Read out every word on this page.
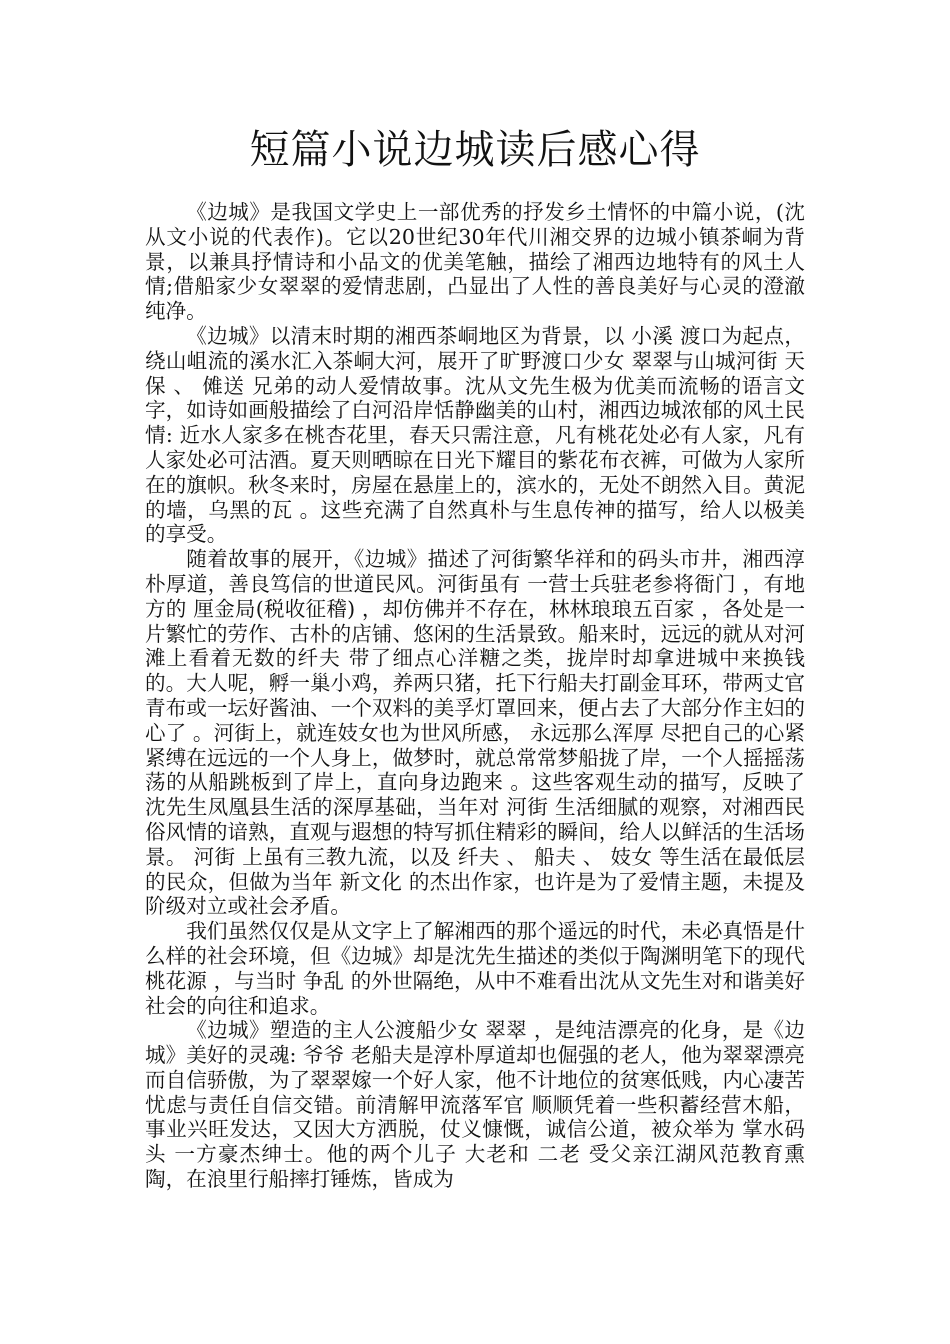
短篇小说边城读后感心得

《边城》是我国文学史上一部优秀的抒发乡土情怀的中篇小说，(沈从文小说的代表作)。它以20世纪30年代川湘交界的边城小镇茶峒为背景，以兼具抒情诗和小品文的优美笔触，描绘了湘西边地特有的风土人情;借船家少女翠翠的爱情悲剧，凸显出了人性的善良美好与心灵的澄澈纯净。

《边城》以清末时期的湘西茶峒地区为背景，以 小溪 渡口为起点，绕山岨流的溪水汇入茶峒大河，展开了旷野渡口少女 翠翠与山城河街 天保 、 傩送 兄弟的动人爱情故事。沈从文先生极为优美而流畅的语言文字，如诗如画般描绘了白河沿岸恬静幽美的山村，湘西边城浓郁的风土民情: 近水人家多在桃杏花里，春天只需注意，凡有桃花处必有人家，凡有人家处必可沽酒。夏天则晒晾在日光下耀目的紫花布衣裤，可做为人家所在的旗帜。秋冬来时，房屋在悬崖上的，滨水的，无处不朗然入目。黄泥的墙，乌黑的瓦 。这些充满了自然真朴与生息传神的描写，给人以极美的享受。

随着故事的展开，《边城》描述了河街繁华祥和的码头市井，湘西淳朴厚道，善良笃信的世道民风。河街虽有 一营士兵驻老参将衙门 ，有地方的 厘金局(税收征稽) ，却仿佛并不存在，林林琅琅五百家 ，各处是一片繁忙的劳作、古朴的店铺、悠闲的生活景致。船来时，远远的就从对河滩上看着无数的纤夫 带了细点心洋糖之类，拢岸时却拿进城中来换钱的。大人呢，孵一巢小鸡，养两只猪，托下行船夫打副金耳环，带两丈官青布或一坛好酱油、一个双料的美孚灯罩回来，便占去了大部分作主妇的心了 。河街上，就连妓女也为世风所感， 永远那么浑厚 尽把自己的心紧紧缚在远远的一个人身上，做梦时，就总常常梦船拢了岸，一个人摇摇荡荡的从船跳板到了岸上，直向身边跑来 。这些客观生动的描写，反映了沈先生凤凰县生活的深厚基础，当年对 河街 生活细腻的观察，对湘西民俗风情的谙熟，直观与遐想的特写抓住精彩的瞬间，给人以鲜活的生活场景。 河街 上虽有三教九流，以及 纤夫 、 船夫 、 妓女 等生活在最低层的民众，但做为当年 新文化 的杰出作家，也许是为了爱情主题，未提及阶级对立或社会矛盾。

我们虽然仅仅是从文字上了解湘西的那个遥远的时代，未必真悟是什么样的社会环境，但《边城》却是沈先生描述的类似于陶渊明笔下的现代 桃花源 ，与当时 争乱 的外世隔绝，从中不难看出沈从文先生对和谐美好社会的向往和追求。

《边城》塑造的主人公渡船少女 翠翠 ，是纯洁漂亮的化身，是《边城》美好的灵魂: 爷爷 老船夫是淳朴厚道却也倔强的老人，他为翠翠漂亮而自信骄傲，为了翠翠嫁一个好人家，他不计地位的贫寒低贱，内心凄苦忧虑与责任自信交错。前清解甲流落军官 顺顺凭着一些积蓄经营木船，事业兴旺发达，又因大方洒脱，仗义慷慨，诚信公道，被众举为 掌水码头 一方豪杰绅士。他的两个儿子 大老和 二老 受父亲江湖风范教育熏陶，在浪里行船摔打锤炼，皆成为
